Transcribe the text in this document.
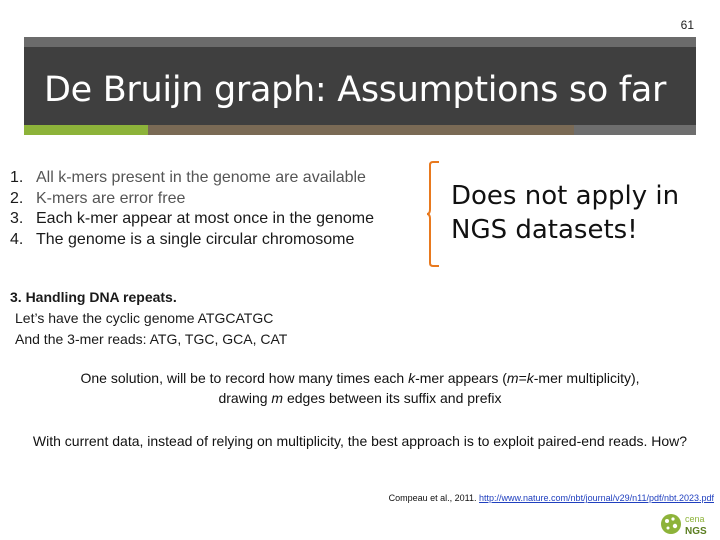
61
De Bruijn graph: Assumptions so far
1. All k-mers present in the genome are available
2. K-mers are error free
3. Each k-mer appear at most once in the genome
4. The genome is a single circular chromosome
Does not apply in
NGS datasets!
3. Handling DNA repeats.
Let’s have the cyclic genome ATGCATGC
And the 3-mer reads: ATG, TGC, GCA, CAT
One solution, will be to record how many times each k-mer appears (m=k-mer multiplicity),
drawing m edges between its suffix and prefix
With current data, instead of relying on multiplicity, the best approach is to exploit paired-end reads. How?
Compeau et al., 2011. http://www.nature.com/nbt/journal/v29/n11/pdf/nbt.2023.pdf
cena
NGS
